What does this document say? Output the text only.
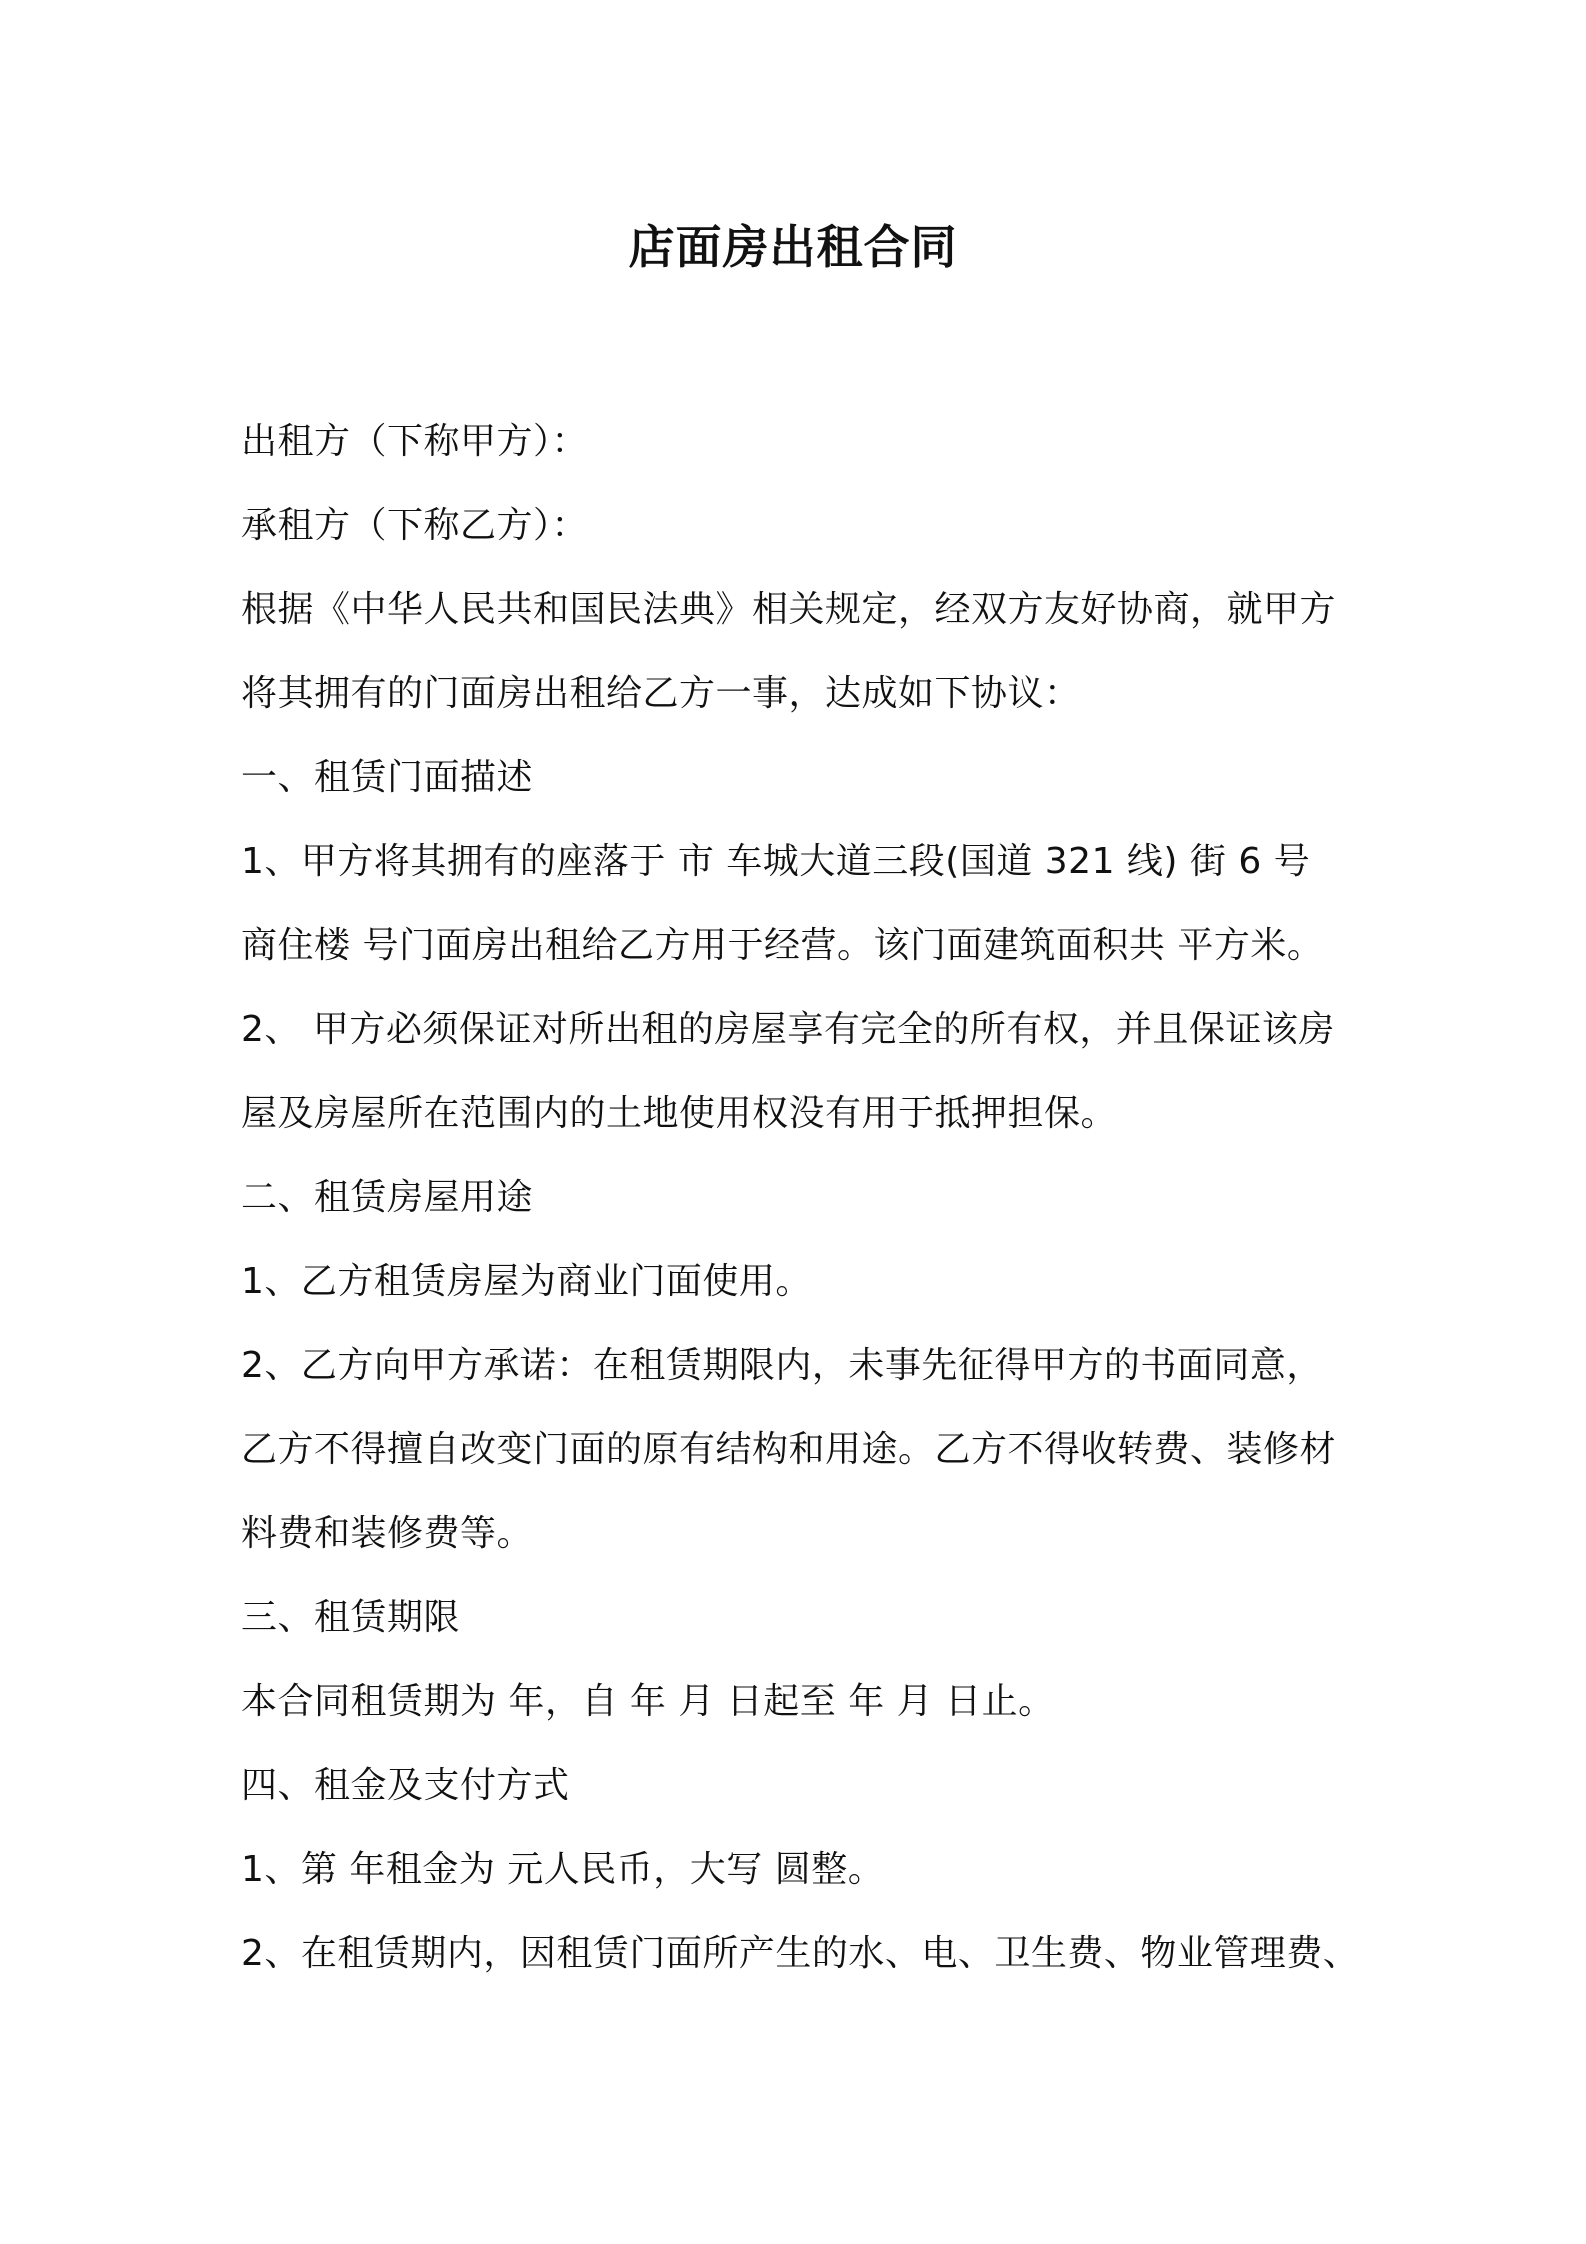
店面房出租合同
出租方（下称甲方）：
承租方（下称乙方）：
根据《中华人民共和国民法典》相关规定，经双方友好协商，就甲方
将其拥有的门面房出租给乙方一事，达成如下协议：
一、租赁门面描述
1、甲方将其拥有的座落于 市 车城大道三段(国道 321 线) 街 6 号
商住楼 号门面房出租给乙方用于经营。该门面建筑面积共 平方米。
2、 甲方必须保证对所出租的房屋享有完全的所有权，并且保证该房
屋及房屋所在范围内的土地使用权没有用于抵押担保。
二、租赁房屋用途
1、乙方租赁房屋为商业门面使用。
2、乙方向甲方承诺：在租赁期限内，未事先征得甲方的书面同意，
乙方不得擅自改变门面的原有结构和用途。乙方不得收转费、装修材
料费和装修费等。
三、租赁期限
本合同租赁期为 年，自 年 月 日起至 年 月 日止。
四、租金及支付方式
1、第 年租金为 元人民币，大写 圆整。
2、在租赁期内，因租赁门面所产生的水、电、卫生费、物业管理费、
